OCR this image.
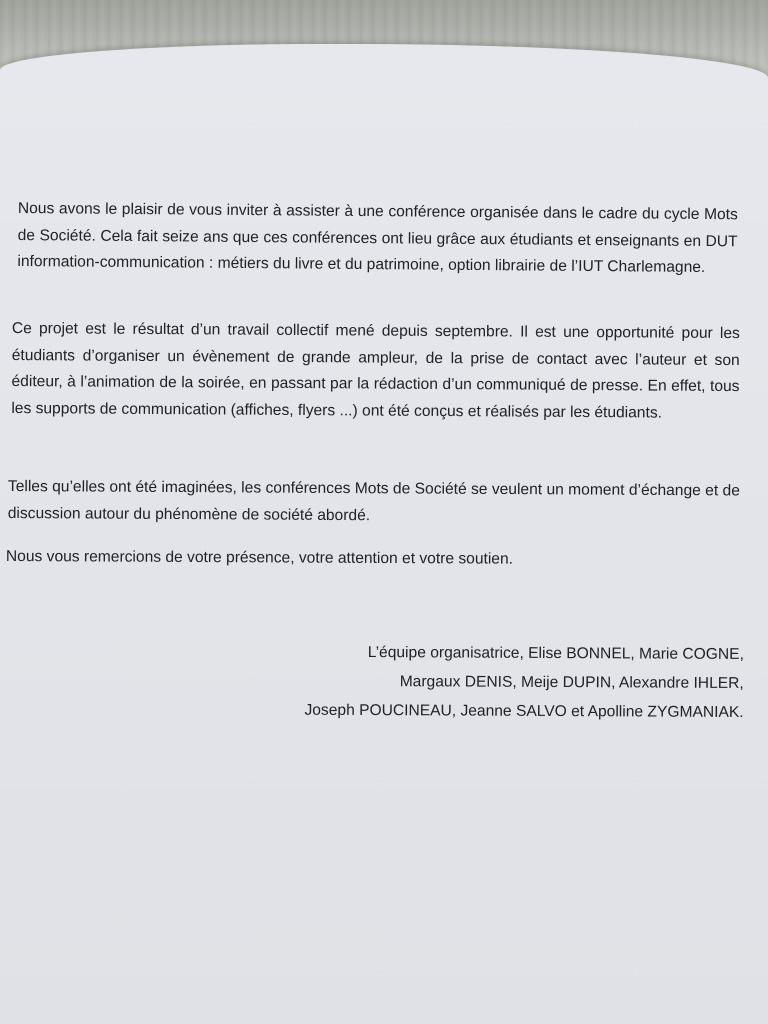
Nous avons le plaisir de vous inviter à assister à une conférence organisée dans le cadre du cycle Mots de Société. Cela fait seize ans que ces conférences ont lieu grâce aux étudiants et enseignants en DUT information-communication : métiers du livre et du patrimoine, option librairie de l’IUT Charlemagne.

Ce projet est le résultat d’un travail collectif mené depuis septembre. Il est une opportunité pour les étudiants d’organiser un évènement de grande ampleur, de la prise de contact avec l’auteur et son éditeur, à l’animation de la soirée, en passant par la rédaction d’un communiqué de presse. En effet, tous les supports de communication (affiches, flyers ...) ont été conçus et réalisés par les étudiants.

Telles qu’elles ont été imaginées, les conférences Mots de Société se veulent un moment d’échange et de discussion autour du phénomène de société abordé.

Nous vous remercions de votre présence, votre attention et votre soutien.

L’équipe organisatrice, Elise BONNEL, Marie COGNE,
Margaux DENIS, Meije DUPIN, Alexandre IHLER,
Joseph POUCINEAU, Jeanne SALVO et Apolline ZYGMANIAK.
